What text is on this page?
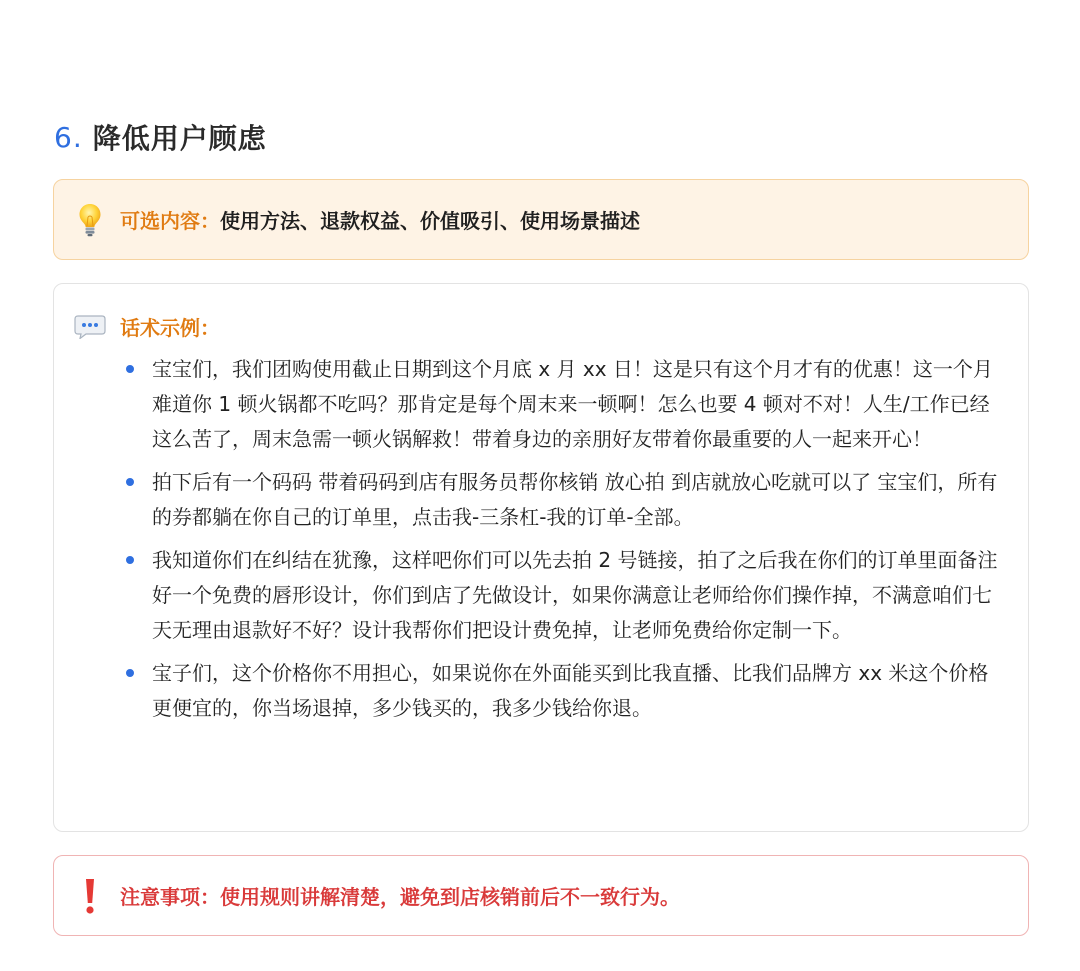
6. 降低用户顾虑
可选内容： 使用方法、退款权益、价值吸引、使用场景描述
话术示例：
宝宝们，我们团购使用截止日期到这个月底 x 月 xx 日！这是只有这个月才有的优惠！这一个月难道你 1 顿火锅都不吃吗？那肯定是每个周末来一顿啊！怎么也要 4 顿对不对！人生/工作已经这么苦了，周末急需一顿火锅解救！带着身边的亲朋好友带着你最重要的人一起来开心！
拍下后有一个码码 带着码码到店有服务员帮你核销 放心拍 到店就放心吃就可以了 宝宝们，所有的券都躺在你自己的订单里，点击我-三条杠-我的订单-全部。
我知道你们在纠结在犹豫，这样吧你们可以先去拍 2 号链接，拍了之后我在你们的订单里面备注好一个免费的唇形设计，你们到店了先做设计，如果你满意让老师给你们操作掉，不满意咱们七天无理由退款好不好？设计我帮你们把设计费免掉，让老师免费给你定制一下。
宝子们，这个价格你不用担心，如果说你在外面能买到比我直播、比我们品牌方 xx 米这个价格更便宜的，你当场退掉，多少钱买的，我多少钱给你退。
注意事项：使用规则讲解清楚，避免到店核销前后不一致行为。
